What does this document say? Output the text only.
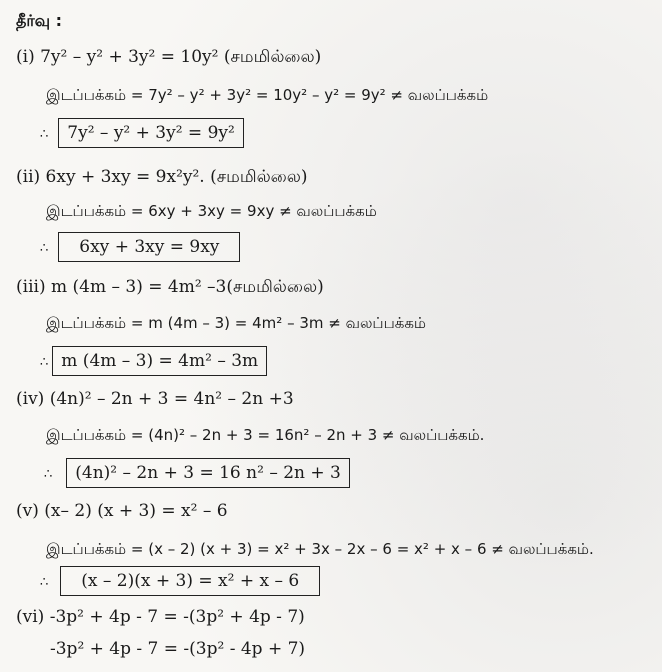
தீர்வு :
(i) 7y² – y² + 3y² = 10y² (சமமில்லை)
இடப்பக்கம் = 7y² – y² + 3y² = 10y² – y² = 9y² ≠ வலப்பக்கம்
∴ 7y² – y² + 3y² = 9y²
(ii) 6xy + 3xy = 9x²y². (சமமில்லை)
இடப்பக்கம் = 6xy + 3xy = 9xy ≠ வலப்பக்கம்
∴ 6xy + 3xy = 9xy
(iii) m (4m – 3) = 4m² –3(சமமில்லை)
இடப்பக்கம் = m (4m – 3) = 4m² – 3m ≠ வலப்பக்கம்
∴ m (4m – 3) = 4m² – 3m
(iv) (4n)² – 2n + 3 = 4n² – 2n +3
இடப்பக்கம் = (4n)² – 2n + 3 = 16n² – 2n + 3 ≠ வலப்பக்கம்.
∴ (4n)² – 2n + 3 = 16 n² – 2n + 3
(v) (x– 2) (x + 3) = x² – 6
இடப்பக்கம் = (x – 2) (x + 3) = x² + 3x – 2x – 6 = x² + x – 6 ≠ வலப்பக்கம்.
∴ (x – 2)(x + 3) = x² + x – 6
(vi) -3p² + 4p - 7 = -(3p² + 4p - 7)
-3p² + 4p - 7 = -(3p² - 4p + 7)
